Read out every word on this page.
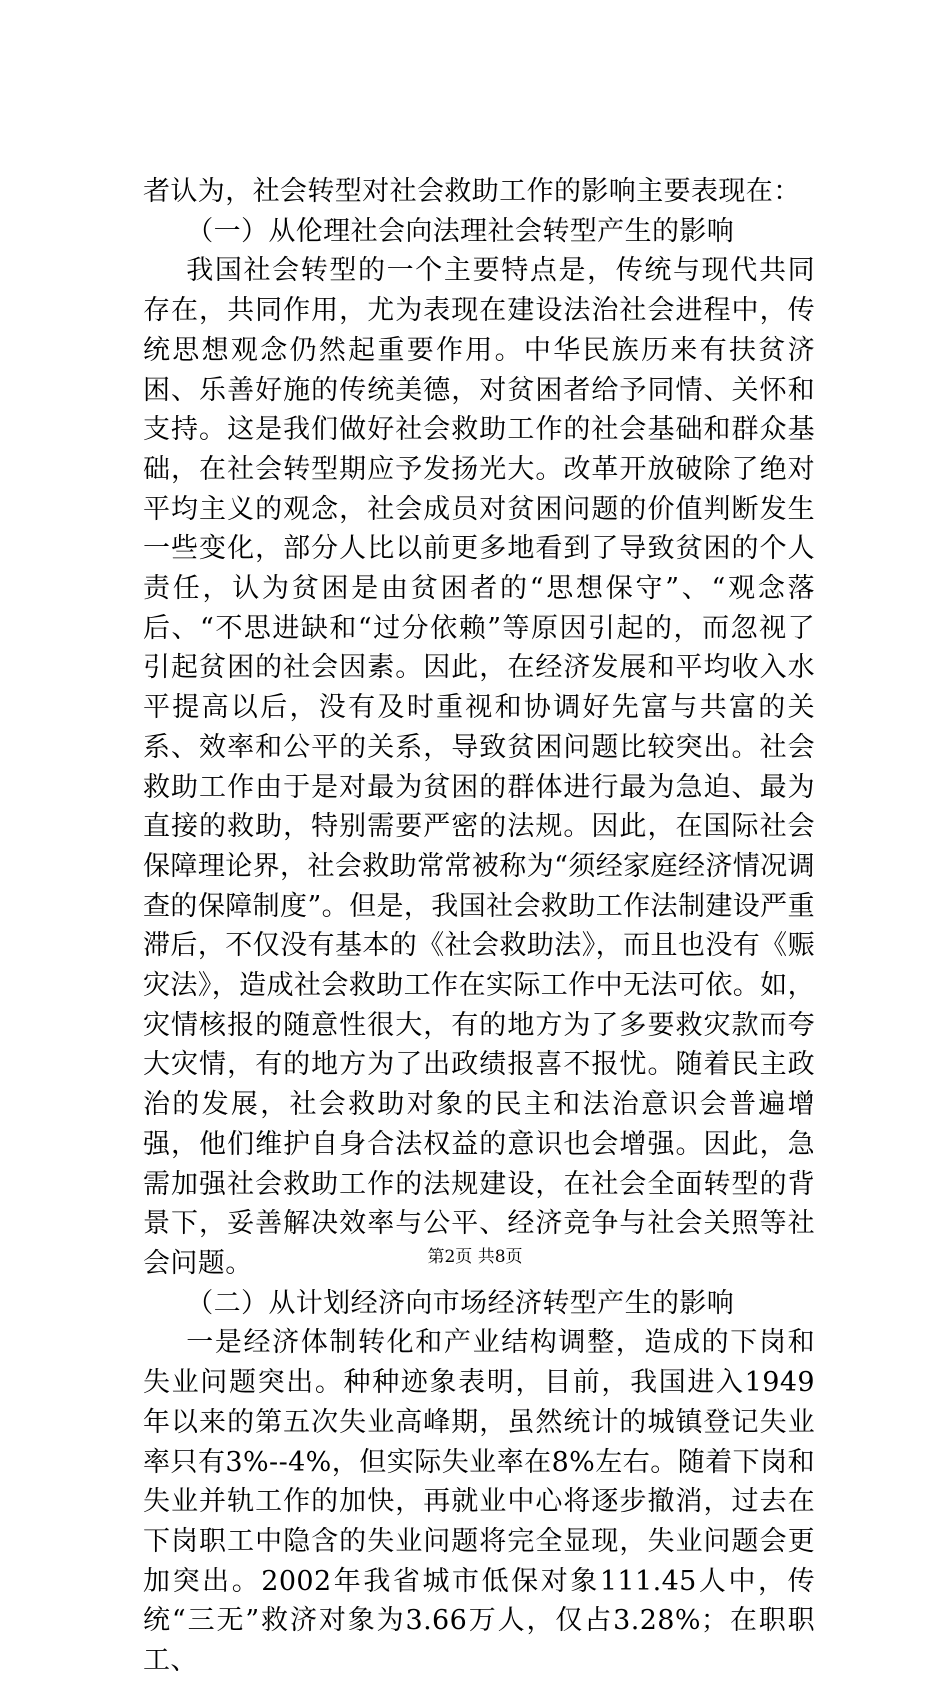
者认为，社会转型对社会救助工作的影响主要表现在：

（一）从伦理社会向法理社会转型产生的影响

我国社会转型的一个主要特点是，传统与现代共同存在，共同作用，尤为表现在建设法治社会进程中，传统思想观念仍然起重要作用。中华民族历来有扶贫济困、乐善好施的传统美德，对贫困者给予同情、关怀和支持。这是我们做好社会救助工作的社会基础和群众基础，在社会转型期应予发扬光大。改革开放破除了绝对平均主义的观念，社会成员对贫困问题的价值判断发生一些变化，部分人比以前更多地看到了导致贫困的个人责任，认为贫困是由贫困者的“思想保守”、“观念落后、“不思进缺和“过分依赖”等原因引起的，而忽视了引起贫困的社会因素。因此，在经济发展和平均收入水平提高以后，没有及时重视和协调好先富与共富的关系、效率和公平的关系，导致贫困问题比较突出。社会救助工作由于是对最为贫困的群体进行最为急迫、最为直接的救助，特别需要严密的法规。因此，在国际社会保障理论界，社会救助常常被称为“须经家庭经济情况调查的保障制度”。但是，我国社会救助工作法制建设严重滞后，不仅没有基本的《社会救助法》，而且也没有《赈灾法》，造成社会救助工作在实际工作中无法可依。如，灾情核报的随意性很大，有的地方为了多要救灾款而夸大灾情，有的地方为了出政绩报喜不报忧。随着民主政治的发展，社会救助对象的民主和法治意识会普遍增强，他们维护自身合法权益的意识也会增强。因此，急需加强社会救助工作的法规建设，在社会全面转型的背景下，妥善解决效率与公平、经济竞争与社会关照等社会问题。

（二）从计划经济向市场经济转型产生的影响

一是经济体制转化和产业结构调整，造成的下岗和失业问题突出。种种迹象表明，目前，我国进入1949年以来的第五次失业高峰期，虽然统计的城镇登记失业率只有3%--4%，但实际失业率在8%左右。随着下岗和失业并轨工作的加快，再就业中心将逐步撤消，过去在下岗职工中隐含的失业问题将完全显现，失业问题会更加突出。2002年我省城市低保对象111.45人中，传统“三无”救济对象为3.66万人，仅占3.28%；在职职工、

第2页 共8页
